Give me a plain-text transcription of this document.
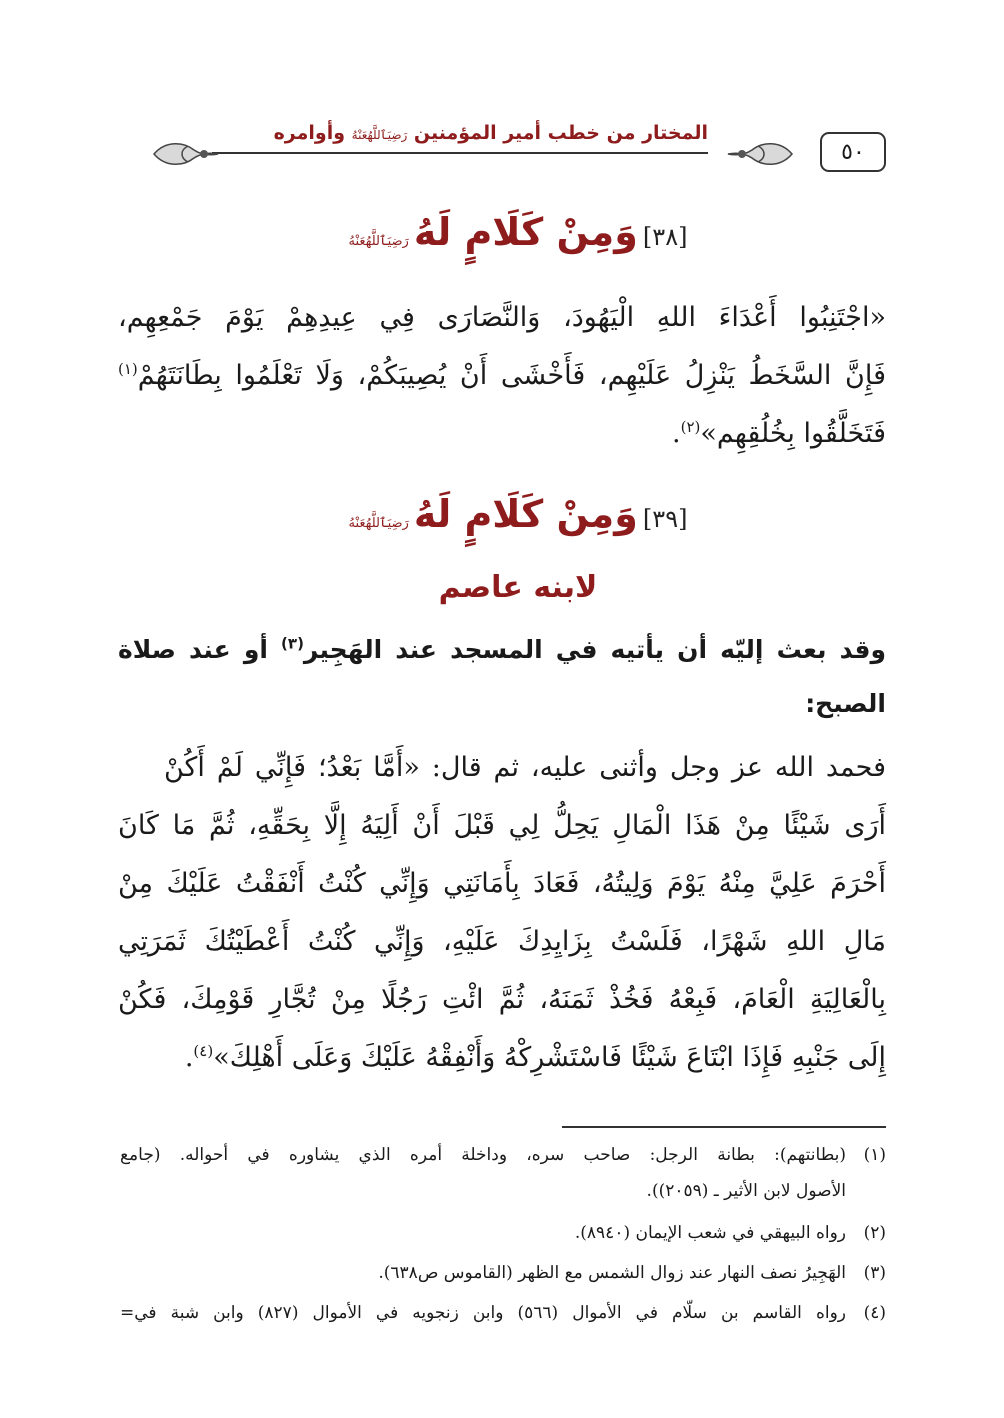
٥٠
المختار من خطب أمير المؤمنين رَضِيَٱللَّهُعَنْهُ وأوامره
[٣٨] وَمِنْ كَلَامٍ لَهُ رَضِيَٱللَّهُعَنْهُ
«اجْتَنِبُوا أَعْدَاءَ اللهِ الْيَهُودَ، وَالنَّصَارَى فِي عِيدِهِمْ يَوْمَ جَمْعِهِم،
فَإِنَّ السَّخَطُ يَنْزِلُ عَلَيْهِم، فَأَخْشَى أَنْ يُصِيبَكُمْ، وَلَا تَعْلَمُوا بِطَانَتَهُمْ$^{(١)}$
فَتَخَلَّقُوا بِخُلُقِهِم»$^{(٢)}$.
[٣٩] وَمِنْ كَلَامٍ لَهُ رَضِيَٱللَّهُعَنْهُ
لابنه عاصم
وقد بعث إليّه أن يأتيه في المسجد عند الهَجِير$^{(٣)}$ أو عند صلاة
الصبح:
فحمد الله عز وجل وأثنى عليه، ثم قال: «أَمَّا بَعْدُ؛ فَإِنِّي لَمْ أَكُنْ
أَرَى شَيْئًا مِنْ هَذَا الْمَالِ يَحِلُّ لِي قَبْلَ أَنْ أَلِيَهُ إِلَّا بِحَقِّهِ، ثُمَّ مَا كَانَ
أَحْرَمَ عَلِيَّ مِنْهُ يَوْمَ وَلِيتُهُ، فَعَادَ بِأَمَانَتِي وَإِنِّي كُنْتُ أَنْفَقْتُ عَلَيْكَ مِنْ
مَالِ اللهِ شَهْرًا، فَلَسْتُ بِزَايِدِكَ عَلَيْهِ، وَإِنِّي كُنْتُ أَعْطَيْتُكَ ثَمَرَتِي
بِالْعَالِيَةِ الْعَامَ، فَبِعْهُ فَخُذْ ثَمَنَهُ، ثُمَّ ائْتِ رَجُلًا مِنْ تُجَّارِ قَوْمِكَ، فَكُنْ
إِلَى جَنْبِهِ فَإِذَا ابْتَاعَ شَيْئًا فَاسْتَشْرِكْهُ وَأَنْفِقْهُ عَلَيْكَ وَعَلَى أَهْلِكَ»$^{(٤)}$.
(١)(بطانتهم): بطانة الرجل: صاحب سره، وداخلة أمره الذي يشاوره في أحواله. (جامع
الأصول لابن الأثير ـ (٢٠٥٩)).
(٢)رواه البيهقي في شعب الإيمان (٨٩٤٠).
(٣)الهَجِيرُ نصف النهار عند زوال الشمس مع الظهر (القاموس ص٦٣٨).
(٤)رواه القاسم بن سلّام في الأموال (٥٦٦) وابن زنجويه في الأموال (٨٢٧) وابن شبة في=
